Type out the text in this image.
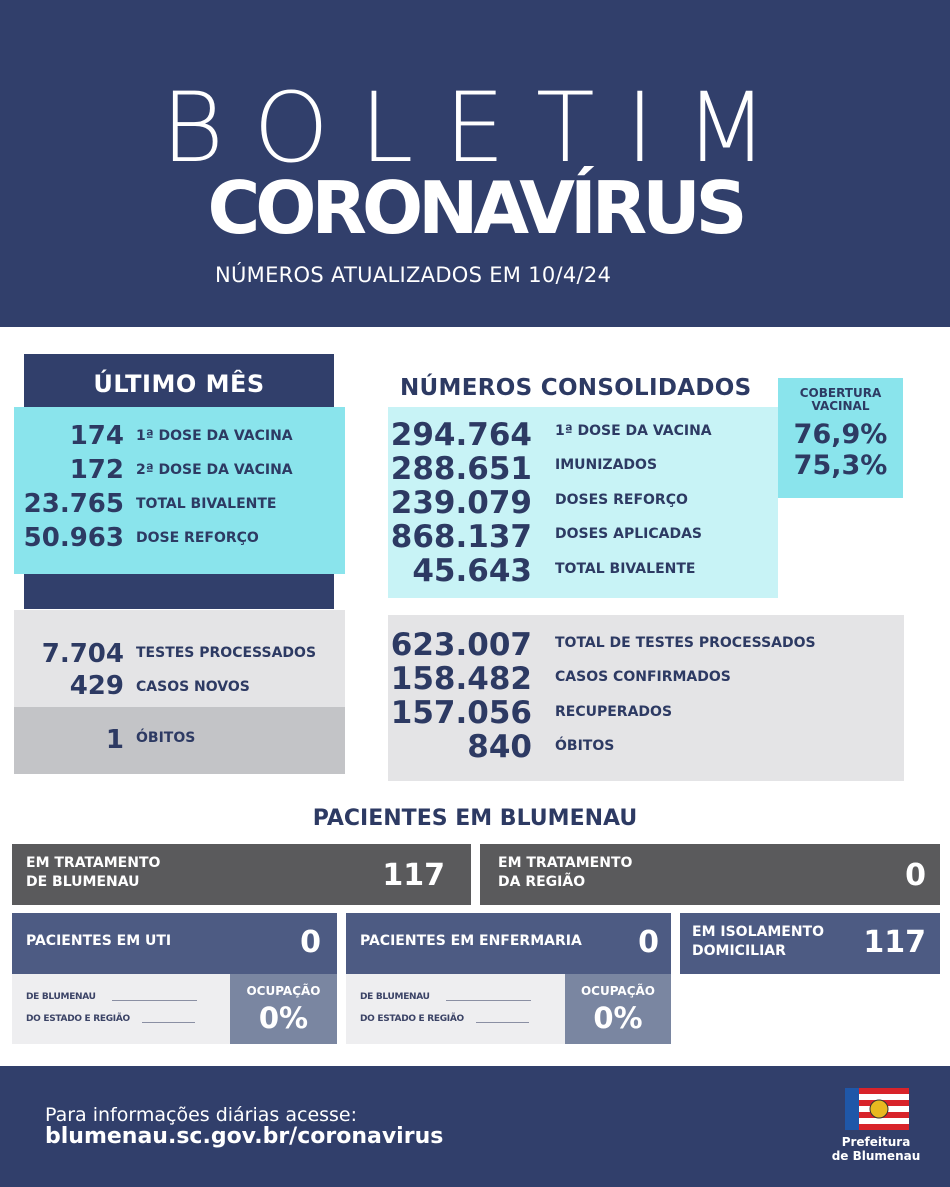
BOLETIM
CORONAVÍRUS
NÚMEROS ATUALIZADOS EM 10/4/24
ÚLTIMO MÊS
174 1ª DOSE DA VACINA
172 2ª DOSE DA VACINA
23.765 TOTAL BIVALENTE
50.963 DOSE REFORÇO
7.704 TESTES PROCESSADOS
429 CASOS NOVOS
1 ÓBITOS
NÚMEROS CONSOLIDADOS	COBERTURA
VACINAL
76,9%
75,3%
294.764 1ª DOSE DA VACINA
288.651 IMUNIZADOS
239.079 DOSES REFORÇO
868.137 DOSES APLICADAS
45.643 TOTAL BIVALENTE
623.007 TOTAL DE TESTES PROCESSADOS
158.482 CASOS CONFIRMADOS
157.056 RECUPERADOS
840 ÓBITOS
PACIENTES EM BLUMENAU
EM TRATAMENTO
DE BLUMENAU	117	EM TRATAMENTO
DA REGIÃO	0
PACIENTES EM UTI	0
DE BLUMENAU
DO ESTADO E REGIÃO
OCUPAÇÃO
0%
PACIENTES EM ENFERMARIA 0
DE BLUMENAU
DO ESTADO E REGIÃO
OCUPAÇÃO
0%
EM ISOLAMENTO
DOMICILIAR	117
Para informações diárias acesse:
blumenau.sc.gov.br/coronavirus	Prefeitura
de Blumenau
